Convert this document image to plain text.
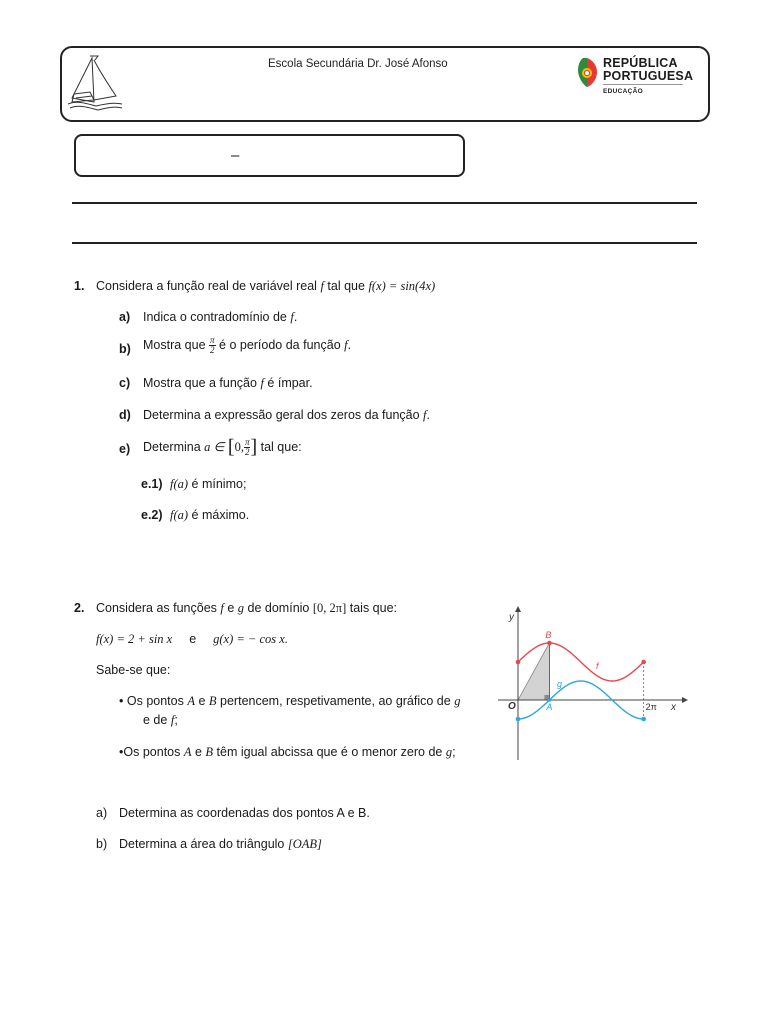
Escola Secundária Dr. José Afonso	REPÚBLICA
PORTUGUESA
EDUCAÇÃO
–
1. Considera a função real de variável real f tal que f(x) = sin(4x)
a) Indica o contradomínio de f.
b) Mostra que $\frac{\pi}{2}$ é o período da função f.
c) Mostra que a função f é ímpar.
d) Determina a expressão geral dos zeros da função f.
e) Determina a ∈ [0, $\frac{\pi}{2}$ ] tal que:
e.1) f(a) é mínimo;
e.2) f(a) é máximo.
2. Considera as funções f e g de domínio [0, 2π] tais que:
f(x) = 2 + sin x e g(x) = − cos x.
Sabe-se que:
• Os pontos A e B pertencem, respetivamente, ao gráfico de g
e de f;
•Os pontos A e B têm igual abcissa que é o menor zero de g;
a) Determina as coordenadas dos pontos A e B.
b) Determina a área do triângulo [OAB]
y
x
O	A
B
f
g
2π
